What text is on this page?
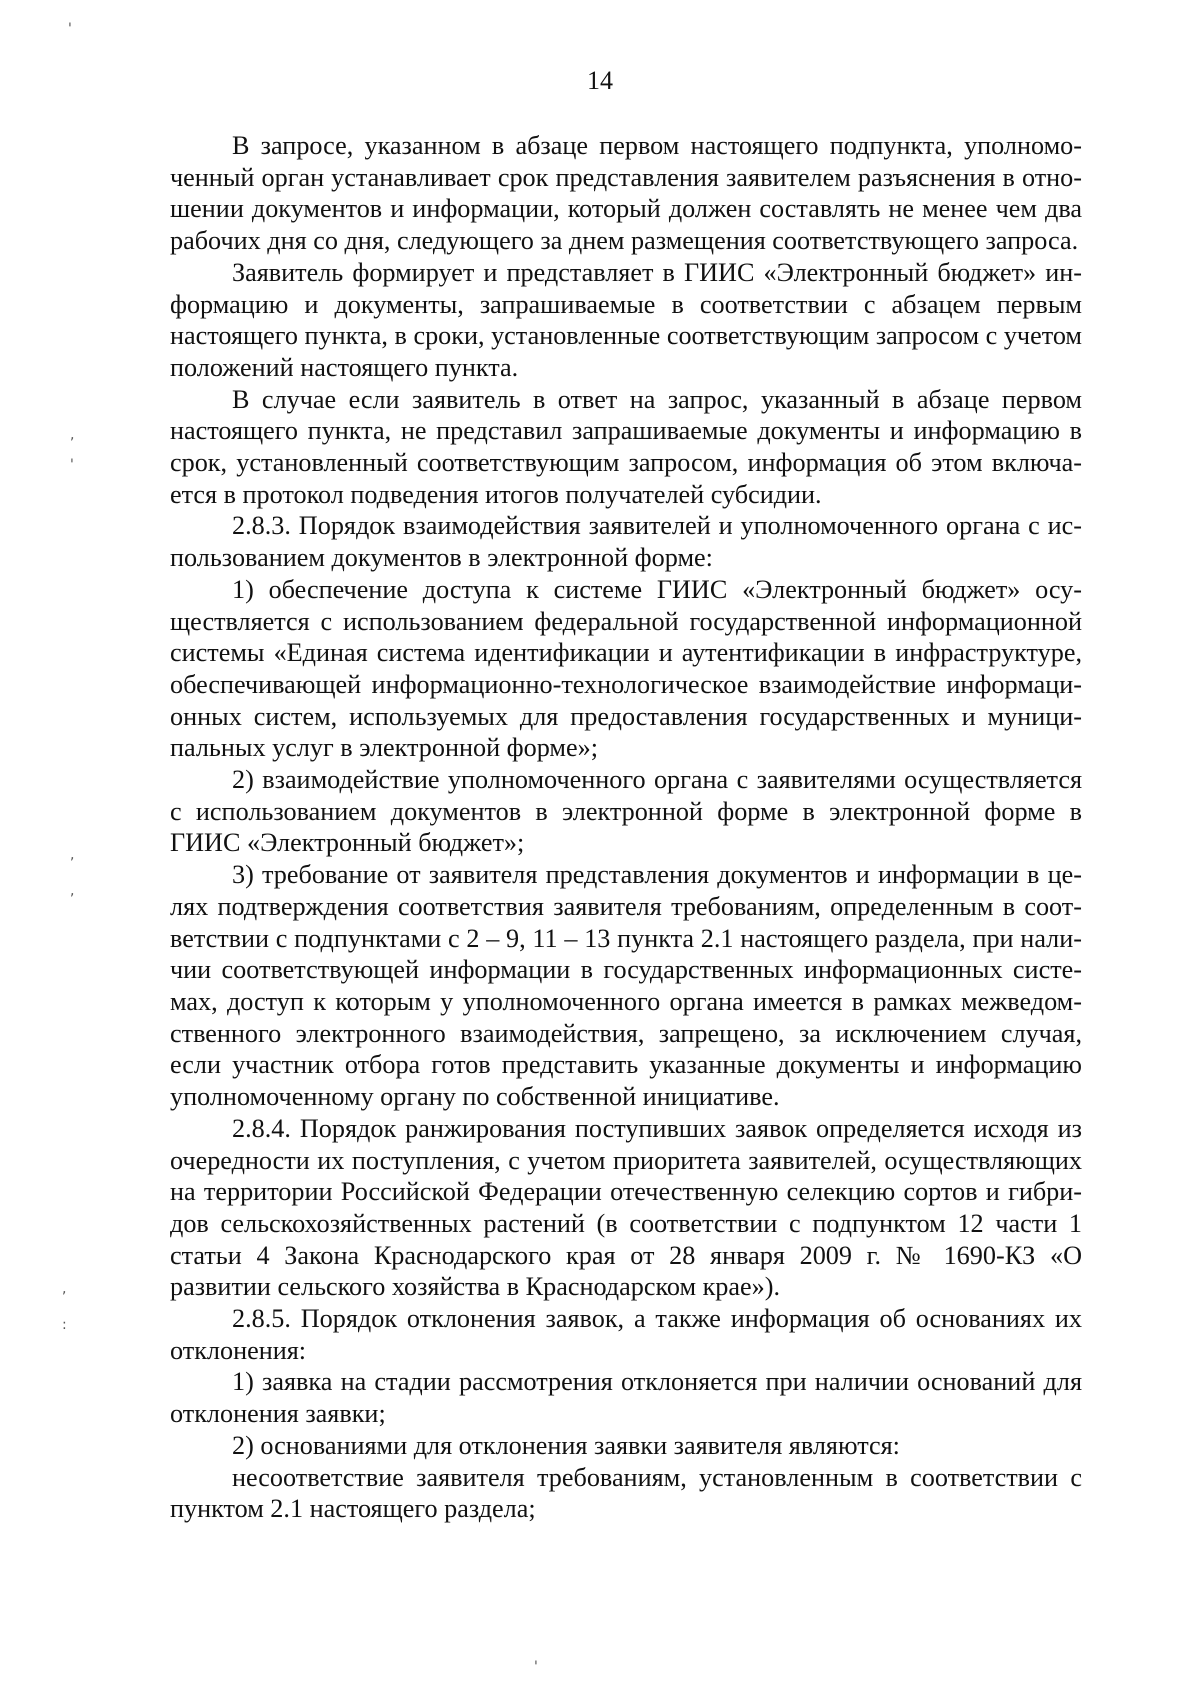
14

В запросе, указанном в абзаце первом настоящего подпункта, уполномоченный орган устанавливает срок представления заявителем разъяснения в отношении документов и информации, который должен составлять не менее чем два рабочих дня со дня, следующего за днем размещения соответствующего запроса.

Заявитель формирует и представляет в ГИИС «Электронный бюджет» информацию и документы, запрашиваемые в соответствии с абзацем первым настоящего пункта, в сроки, установленные соответствующим запросом с учетом положений настоящего пункта.

В случае если заявитель в ответ на запрос, указанный в абзаце первом настоящего пункта, не представил запрашиваемые документы и информацию в срок, установленный соответствующим запросом, информация об этом включается в протокол подведения итогов получателей субсидии.

2.8.3. Порядок взаимодействия заявителей и уполномоченного органа с использованием документов в электронной форме:

1) обеспечение доступа к системе ГИИС «Электронный бюджет» осуществляется с использованием федеральной государственной информационной системы «Единая система идентификации и аутентификации в инфраструктуре, обеспечивающей информационно-технологическое взаимодействие информационных систем, используемых для предоставления государственных и муниципальных услуг в электронной форме»;

2) взаимодействие уполномоченного органа с заявителями осуществляется с использованием документов в электронной форме в электронной форме в ГИИС «Электронный бюджет»;

3) требование от заявителя представления документов и информации в целях подтверждения соответствия заявителя требованиям, определенным в соответствии с подпунктами с 2 – 9, 11 – 13 пункта 2.1 настоящего раздела, при наличии соответствующей информации в государственных информационных системах, доступ к которым у уполномоченного органа имеется в рамках межведомственного электронного взаимодействия, запрещено, за исключением случая, если участник отбора готов представить указанные документы и информацию уполномоченному органу по собственной инициативе.

2.8.4. Порядок ранжирования поступивших заявок определяется исходя из очередности их поступления, с учетом приоритета заявителей, осуществляющих на территории Российской Федерации отечественную селекцию сортов и гибридов сельскохозяйственных растений (в соответствии с подпунктом 12 части 1 статьи 4 Закона Краснодарского края от 28 января 2009 г. № 1690-КЗ «О развитии сельского хозяйства в Краснодарском крае»).

2.8.5. Порядок отклонения заявок, а также информация об основаниях их отклонения:

1) заявка на стадии рассмотрения отклоняется при наличии оснований для отклонения заявки;

2) основаниями для отклонения заявки заявителя являются:

несоответствие заявителя требованиям, установленным в соответствии с пунктом 2.1 настоящего раздела;

'
,
'
,
,
,
:
'
